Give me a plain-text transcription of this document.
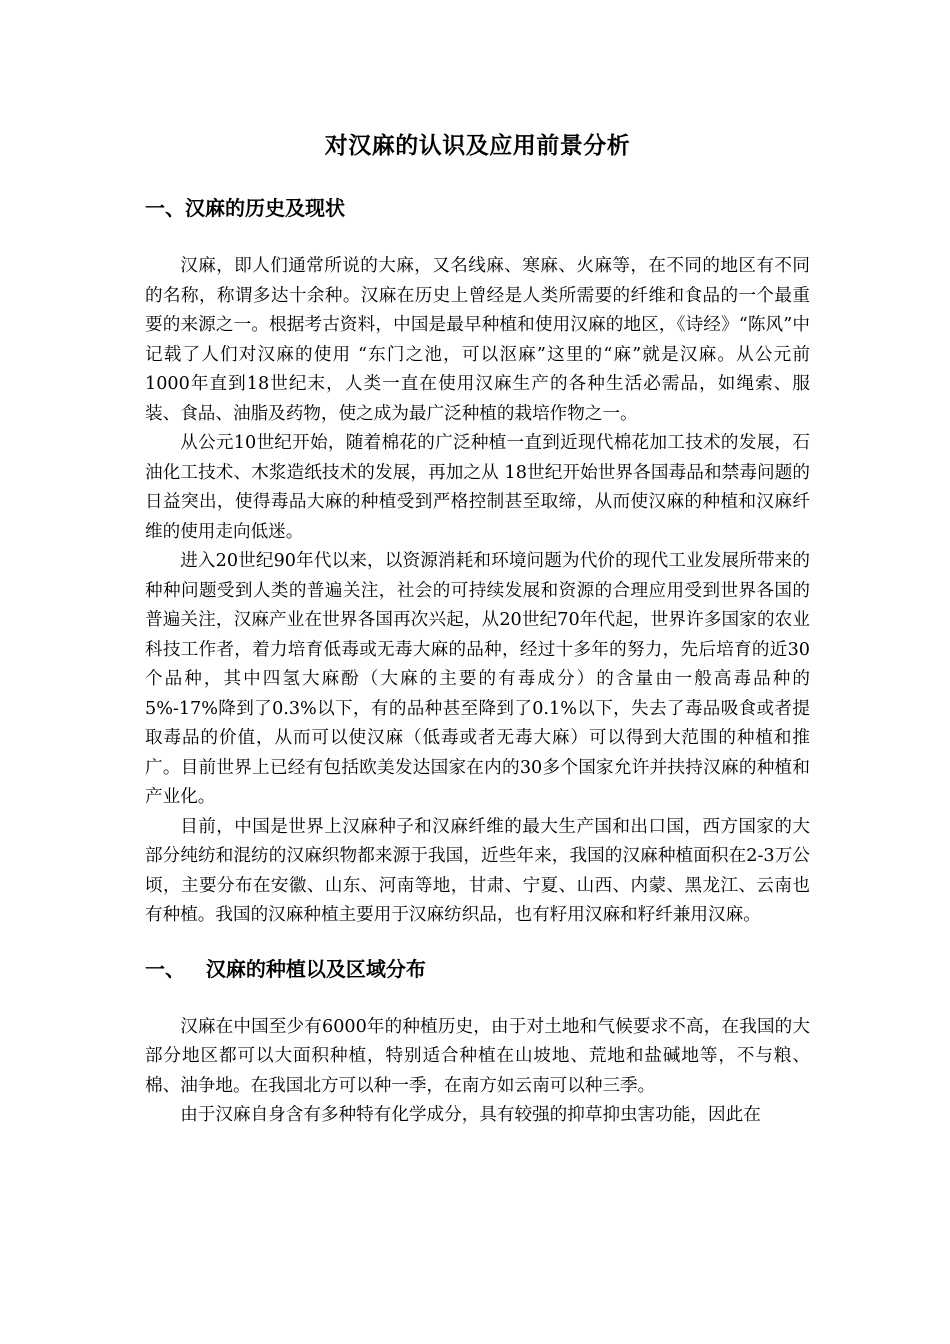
对汉麻的认识及应用前景分析
一、汉麻的历史及现状

汉麻，即人们通常所说的大麻，又名线麻、寒麻、火麻等，在不同的地区有不同的名称，称谓多达十余种。汉麻在历史上曾经是人类所需要的纤维和食品的一个最重要的来源之一。根据考古资料，中国是最早种植和使用汉麻的地区，《诗经》“陈风”中记载了人们对汉麻的使用 “东门之池，可以沤麻”这里的“麻”就是汉麻。从公元前1000年直到18世纪末，人类一直在使用汉麻生产的各种生活必需品，如绳索、服装、食品、油脂及药物，使之成为最广泛种植的栽培作物之一。

从公元10世纪开始，随着棉花的广泛种植一直到近现代棉花加工技术的发展，石油化工技术、木浆造纸技术的发展，再加之从 18世纪开始世界各国毒品和禁毒问题的日益突出，使得毒品大麻的种植受到严格控制甚至取缔，从而使汉麻的种植和汉麻纤维的使用走向低迷。

进入20世纪90年代以来，以资源消耗和环境问题为代价的现代工业发展所带来的种种问题受到人类的普遍关注，社会的可持续发展和资源的合理应用受到世界各国的普遍关注，汉麻产业在世界各国再次兴起，从20世纪70年代起，世界许多国家的农业科技工作者，着力培育低毒或无毒大麻的品种，经过十多年的努力，先后培育的近30个品种，其中四氢大麻酚（大麻的主要的有毒成分）的含量由一般高毒品种的5%-17%降到了0.3%以下，有的品种甚至降到了0.1%以下，失去了毒品吸食或者提取毒品的价值，从而可以使汉麻（低毒或者无毒大麻）可以得到大范围的种植和推广。目前世界上已经有包括欧美发达国家在内的30多个国家允许并扶持汉麻的种植和产业化。

目前，中国是世界上汉麻种子和汉麻纤维的最大生产国和出口国，西方国家的大部分纯纺和混纺的汉麻织物都来源于我国，近些年来，我国的汉麻种植面积在2-3万公顷，主要分布在安徽、山东、河南等地，甘肃、宁夏、山西、内蒙、黑龙江、云南也有种植。我国的汉麻种植主要用于汉麻纺织品，也有籽用汉麻和籽纤兼用汉麻。

一、   汉麻的种植以及区域分布

汉麻在中国至少有6000年的种植历史，由于对土地和气候要求不高，在我国的大部分地区都可以大面积种植，特别适合种植在山坡地、荒地和盐碱地等，不与粮、棉、油争地。在我国北方可以种一季，在南方如云南可以种三季。

由于汉麻自身含有多种特有化学成分，具有较强的抑草抑虫害功能，因此在
